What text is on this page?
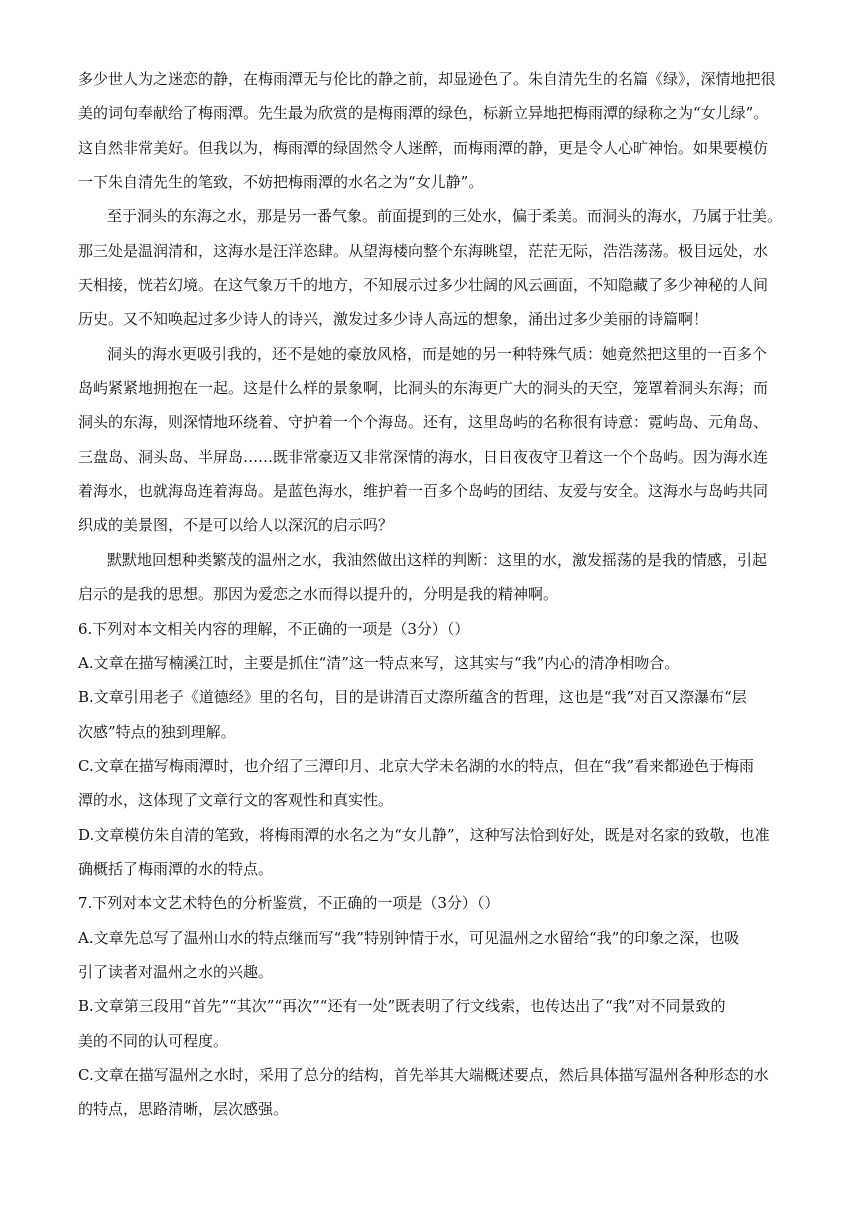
多少世人为之迷恋的静，在梅雨潭无与伦比的静之前，却显逊色了。朱自清先生的名篇《绿》，深情地把很
美的词句奉献给了梅雨潭。先生最为欣赏的是梅雨潭的绿色，标新立异地把梅雨潭的绿称之为“女儿绿”。
这自然非常美好。但我以为，梅雨潭的绿固然令人迷醉，而梅雨潭的静，更是令人心旷神怡。如果要模仿
一下朱自清先生的笔致，不妨把梅雨潭的水名之为“女儿静”。
至于洞头的东海之水，那是另一番气象。前面提到的三处水，偏于柔美。而洞头的海水，乃属于壮美。
那三处是温润清和，这海水是汪洋恣肆。从望海楼向整个东海眺望，茫茫无际，浩浩荡荡。极目远处，水
天相接，恍若幻境。在这气象万千的地方，不知展示过多少壮阔的风云画面，不知隐藏了多少神秘的人间
历史。又不知唤起过多少诗人的诗兴，激发过多少诗人高远的想象，涌出过多少美丽的诗篇啊！
洞头的海水更吸引我的，还不是她的豪放风格，而是她的另一种特殊气质：她竟然把这里的一百多个
岛屿紧紧地拥抱在一起。这是什么样的景象啊，比洞头的东海更广大的洞头的天空，笼罩着洞头东海；而
洞头的东海，则深情地环绕着、守护着一个个海岛。还有，这里岛屿的名称很有诗意：霓屿岛、元角岛、
三盘岛、洞头岛、半屏岛……既非常豪迈又非常深情的海水，日日夜夜守卫着这一个个岛屿。因为海水连
着海水，也就海岛连着海岛。是蓝色海水，维护着一百多个岛屿的团结、友爱与安全。这海水与岛屿共同
织成的美景图，不是可以给人以深沉的启示吗？
默默地回想种类繁茂的温州之水，我油然做出这样的判断：这里的水，激发摇荡的是我的情感，引起
启示的是我的思想。那因为爱恋之水而得以提升的，分明是我的精神啊。
6.下列对本文相关内容的理解，不正确的一项是（3分）（）
A.文章在描写楠溪江时，主要是抓住“清”这一特点来写，这其实与“我”内心的清净相吻合。
B.文章引用老子《道德经》里的名句，目的是讲清百丈漈所蕴含的哲理，这也是“我”对百又漈瀑布“层
次感”特点的独到理解。
C.文章在描写梅雨潭时，也介绍了三潭印月、北京大学未名湖的水的特点，但在“我”看来都逊色于梅雨
潭的水，这体现了文章行文的客观性和真实性。
D.文章模仿朱自清的笔致，将梅雨潭的水名之为“女儿静”，这种写法恰到好处，既是对名家的致敬，也准
确概括了梅雨潭的水的特点。
7.下列对本文艺术特色的分析鉴赏，不正确的一项是（3分）（）
A.文章先总写了温州山水的特点继而写“我”特别钟情于水，可见温州之水留给“我”的印象之深，也吸
引了读者对温州之水的兴趣。
B.文章第三段用“首先”“其次”“再次”“还有一处”既表明了行文线索，也传达出了“我”对不同景致的
美的不同的认可程度。
C.文章在描写温州之水时，采用了总分的结构，首先举其大端概述要点，然后具体描写温州各种形态的水
的特点，思路清晰，层次感强。
